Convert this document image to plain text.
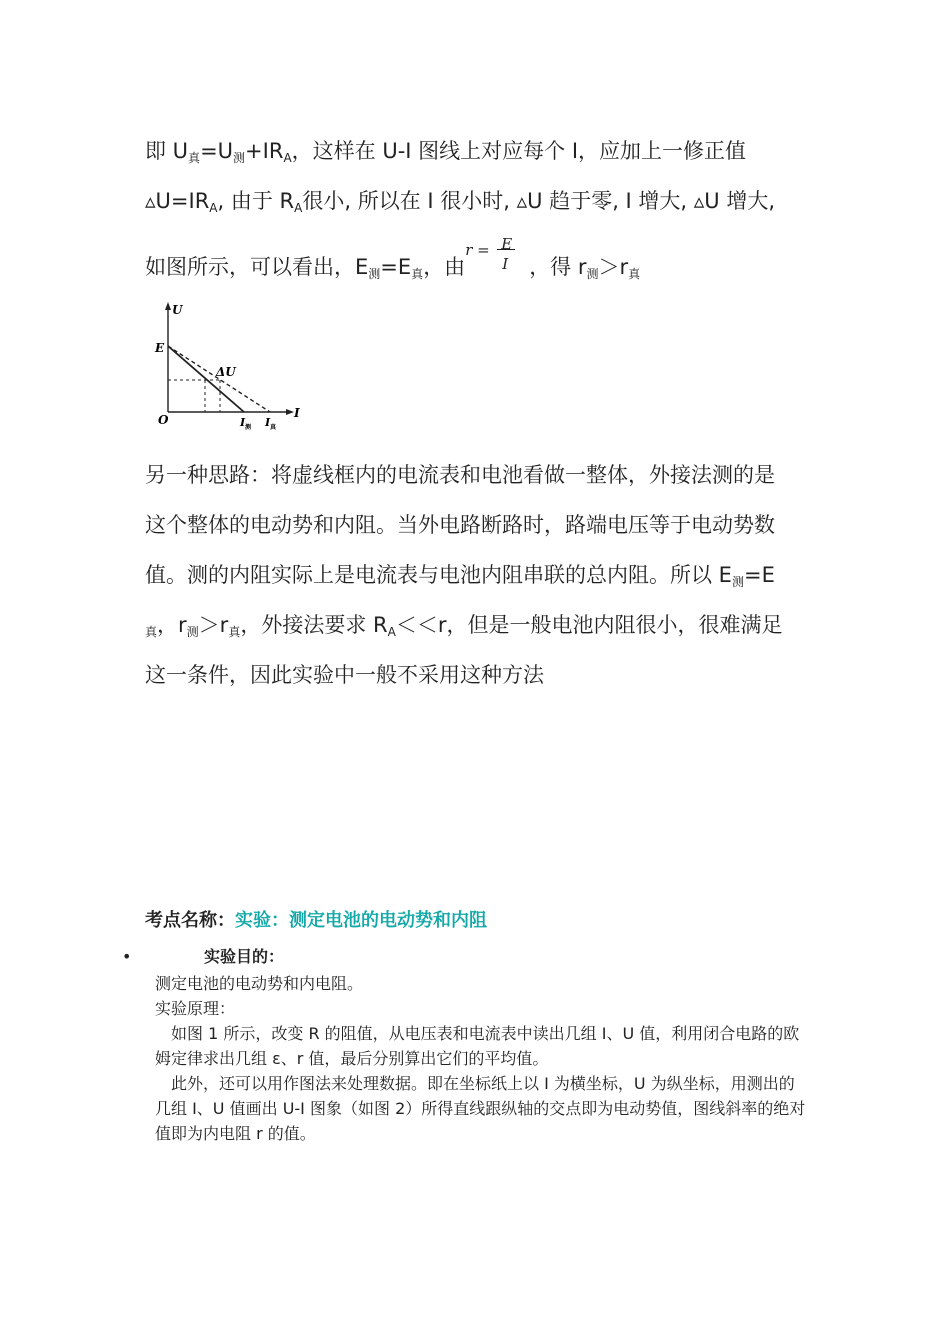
即 $U_真=U_测+IR_A$，这样在 U-I 图线上对应每个 I，应加上一修正值
$▵U=IR_A$, 由于 $R_A$很小, 所以在 I 很小时, ▵U 趋于零, I 增大, ▵U 增大,
如图所示，可以看出，$E_测=E_真$，由
r = E
I ，得 $r_测>r_真$
U
I
E
O
ΔU
I 测 I 真
另一种思路：将虚线框内的电流表和电池看做一整体，外接法测的是
这个整体的电动势和内阻。当外电路断路时，路端电压等于电动势数
值。测的内阻实际上是电流表与电池内阻串联的总内阻。所以 $E_测=E$
$_真$，$r_测>r_真$，外接法要求 $R_A<<r$，但是一般电池内阻很小，很难满足
这一条件，因此实验中一般不采用这种方法
考点名称：实验：测定电池的电动势和内阻
•	实验目的：
测定电池的电动势和内电阻。
实验原理：
　如图 1 所示，改变 R 的阻值，从电压表和电流表中读出几组 I、U 值，利用闭合电路的欧
姆定律求出几组 ε、r 值，最后分别算出它们的平均值。
　此外，还可以用作图法来处理数据。即在坐标纸上以 I 为横坐标，U 为纵坐标，用测出的
几组 I、U 值画出 U-I 图象（如图 2）所得直线跟纵轴的交点即为电动势值，图线斜率的绝对
值即为内电阻 r 的值。
